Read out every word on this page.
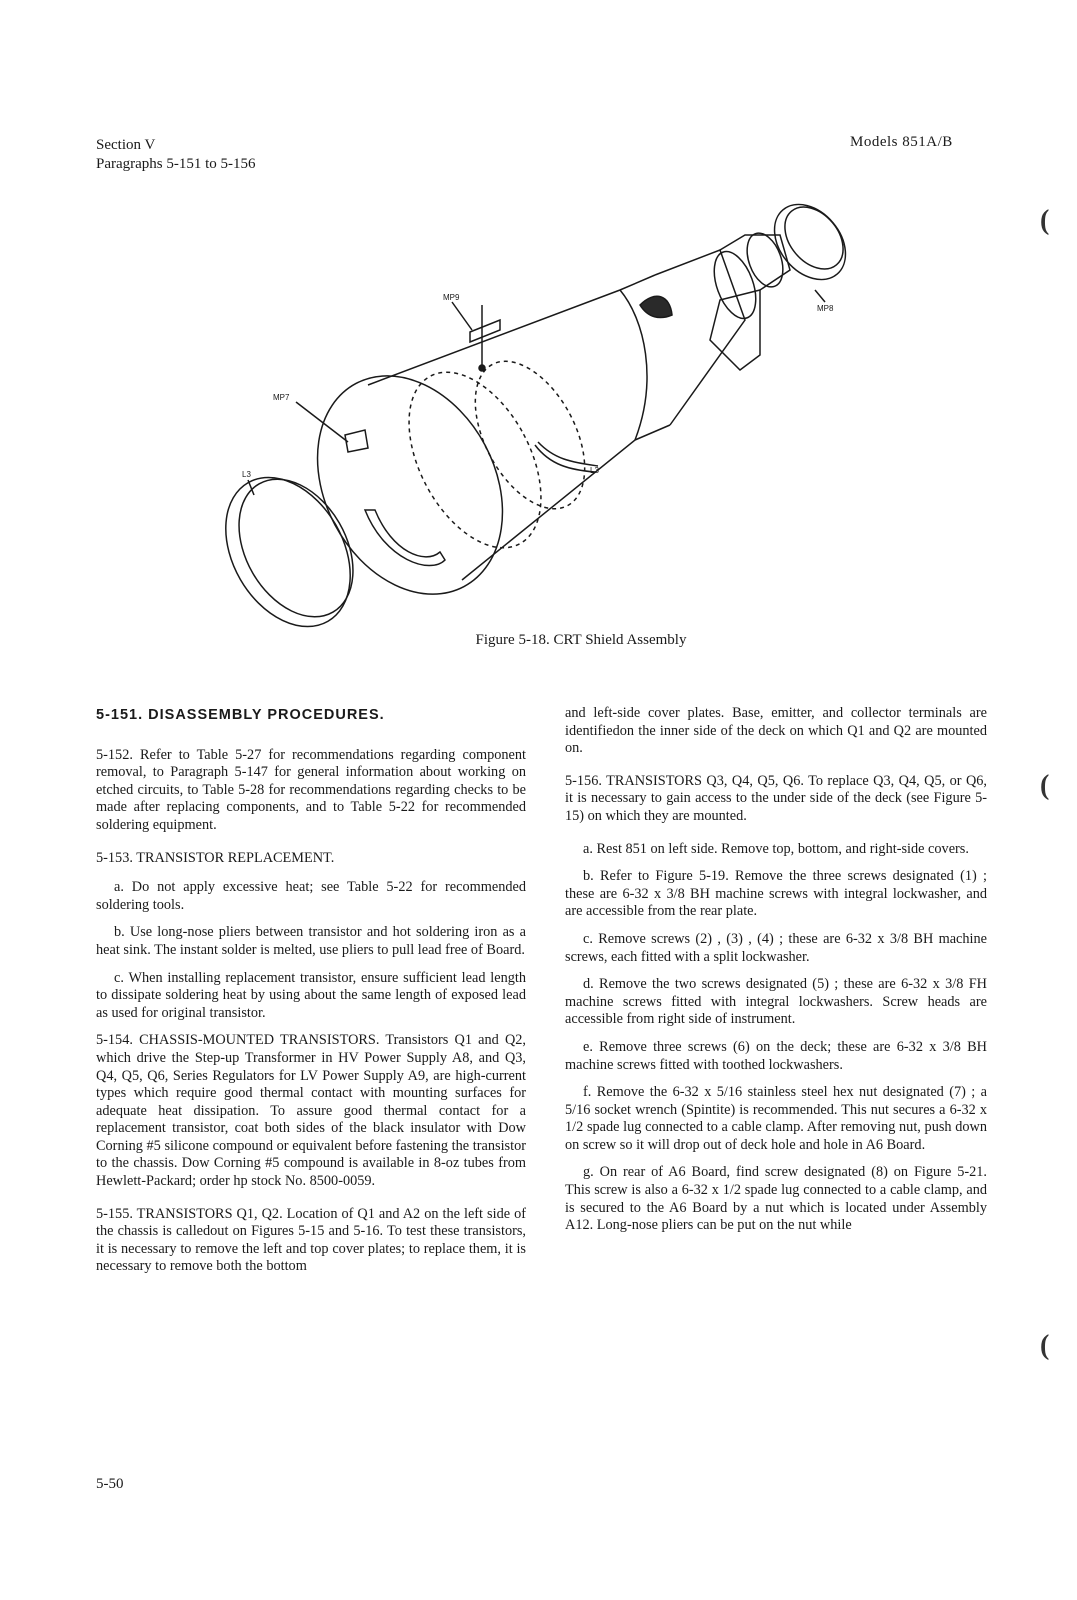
Section V
Paragraphs 5-151 to 5-156
Models 851A/B
MP9
MP7
MP8
L3	L3
Figure 5-18. CRT Shield Assembly
5-151. DISASSEMBLY PROCEDURES.

5-152. Refer to Table 5-27 for recommendations regarding component removal, to Paragraph 5-147 for general information about working on etched circuits, to Table 5-28 for recommendations regarding checks to be made after replacing components, and to Table 5-22 for recommended soldering equipment.

5-153. TRANSISTOR REPLACEMENT.

a. Do not apply excessive heat; see Table 5-22 for recommended soldering tools.

b. Use long-nose pliers between transistor and hot soldering iron as a heat sink. The instant solder is melted, use pliers to pull lead free of Board.

c. When installing replacement transistor, ensure sufficient lead length to dissipate soldering heat by using about the same length of exposed lead as used for original transistor.

5-154. CHASSIS-MOUNTED TRANSISTORS. Transistors Q1 and Q2, which drive the Step-up Transformer in HV Power Supply A8, and Q3, Q4, Q5, Q6, Series Regulators for LV Power Supply A9, are high-current types which require good thermal contact with mounting surfaces for adequate heat dissipation. To assure good thermal contact for a replacement transistor, coat both sides of the black insulator with Dow Corning #5 silicone compound or equivalent before fastening the transistor to the chassis. Dow Corning #5 compound is available in 8-oz tubes from Hewlett-Packard; order hp stock No. 8500-0059.

5-155. TRANSISTORS Q1, Q2. Location of Q1 and A2 on the left side of the chassis is calledout on Figures 5-15 and 5-16. To test these transistors, it is necessary to remove the left and top cover plates; to replace them, it is necessary to remove both the bottom

and left-side cover plates. Base, emitter, and collector terminals are identifiedon the inner side of the deck on which Q1 and Q2 are mounted on.

5-156. TRANSISTORS Q3, Q4, Q5, Q6. To replace Q3, Q4, Q5, or Q6, it is necessary to gain access to the under side of the deck (see Figure 5-15) on which they are mounted.

a. Rest 851 on left side. Remove top, bottom, and right-side covers.

b. Refer to Figure 5-19. Remove the three screws designated (1) ; these are 6-32 x 3/8 BH machine screws with integral lockwasher, and are accessible from the rear plate.

c. Remove screws (2) , (3) , (4) ; these are 6-32 x 3/8 BH machine screws, each fitted with a split lockwasher.

d. Remove the two screws designated (5) ; these are 6-32 x 3/8 FH machine screws fitted with integral lockwashers. Screw heads are accessible from right side of instrument.

e. Remove three screws (6) on the deck; these are 6-32 x 3/8 BH machine screws fitted with toothed lockwashers.

f. Remove the 6-32 x 5/16 stainless steel hex nut designated (7) ; a 5/16 socket wrench (Spintite) is recommended. This nut secures a 6-32 x 1/2 spade lug connected to a cable clamp. After removing nut, push down on screw so it will drop out of deck hole and hole in A6 Board.

g. On rear of A6 Board, find screw designated (8) on Figure 5-21. This screw is also a 6-32 x 1/2 spade lug connected to a cable clamp, and is secured to the A6 Board by a nut which is located under Assembly A12. Long-nose pliers can be put on the nut while

5-50
(
(
(
